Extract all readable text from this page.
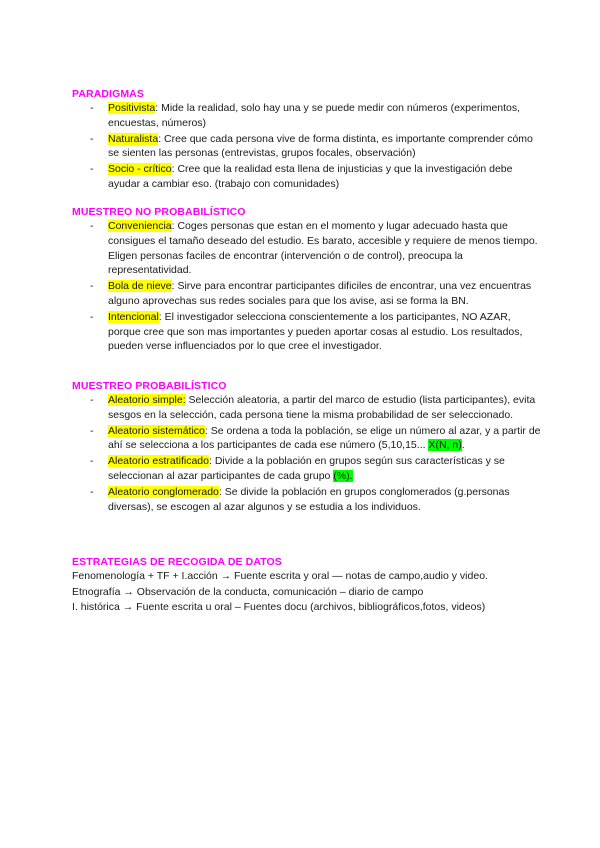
PARADIGMAS
- Positivista: Mide la realidad, solo hay una y se puede medir con números (experimentos, encuestas, números)
- Naturalista: Cree que cada persona vive de forma distinta, es importante comprender cómo se sienten las personas (entrevistas, grupos focales, observación)
- Socio - crítico: Cree que la realidad esta llena de injusticias y que la investigación debe ayudar a cambiar eso. (trabajo con comunidades)
MUESTREO NO PROBABILÍSTICO
- Conveniencia: Coges personas que estan en el momento y lugar adecuado hasta que consigues el tamaño deseado del estudio. Es barato, accesible y requiere de menos tiempo. Eligen personas faciles de encontrar (intervención o de control), preocupa la representatividad.
- Bola de nieve: Sirve para encontrar participantes dificiles de encontrar, una vez encuentras alguno aprovechas sus redes sociales para que los avise, asi se forma la BN.
- Intencional: El investigador selecciona conscientemente a los participantes, NO AZAR, porque cree que son mas importantes y pueden aportar cosas al estudio. Los resultados, pueden verse influenciados por lo que cree el investigador.
MUESTREO PROBABILÍSTICO
- Aleatorio simple: Selección aleatoria, a partir del marco de estudio (lista participantes), evita sesgos en la selección, cada persona tiene la misma probabilidad de ser seleccionado.
- Aleatorio sistemático: Se ordena a toda la población, se elige un número al azar, y a partir de ahí se selecciona a los participantes de cada ese número (5,10,15... X(N, n).
- Aleatorio estratificado: Divide a la población en grupos según sus características y se seleccionan al azar participantes de cada grupo (%).
- Aleatorio conglomerado: Se divide la población en grupos conglomerados (g.personas diversas), se escogen al azar algunos y se estudia a los individuos.
ESTRATEGIAS DE RECOGIDA DE DATOS

Fenomenología + TF + I.acción → Fuente escrita y oral — notas de campo,audio y video.

Etnografía → Observación de la conducta, comunicación – diario de campo

I. histórica → Fuente escrita u oral – Fuentes docu (archivos, bibliográficos,fotos, videos)
